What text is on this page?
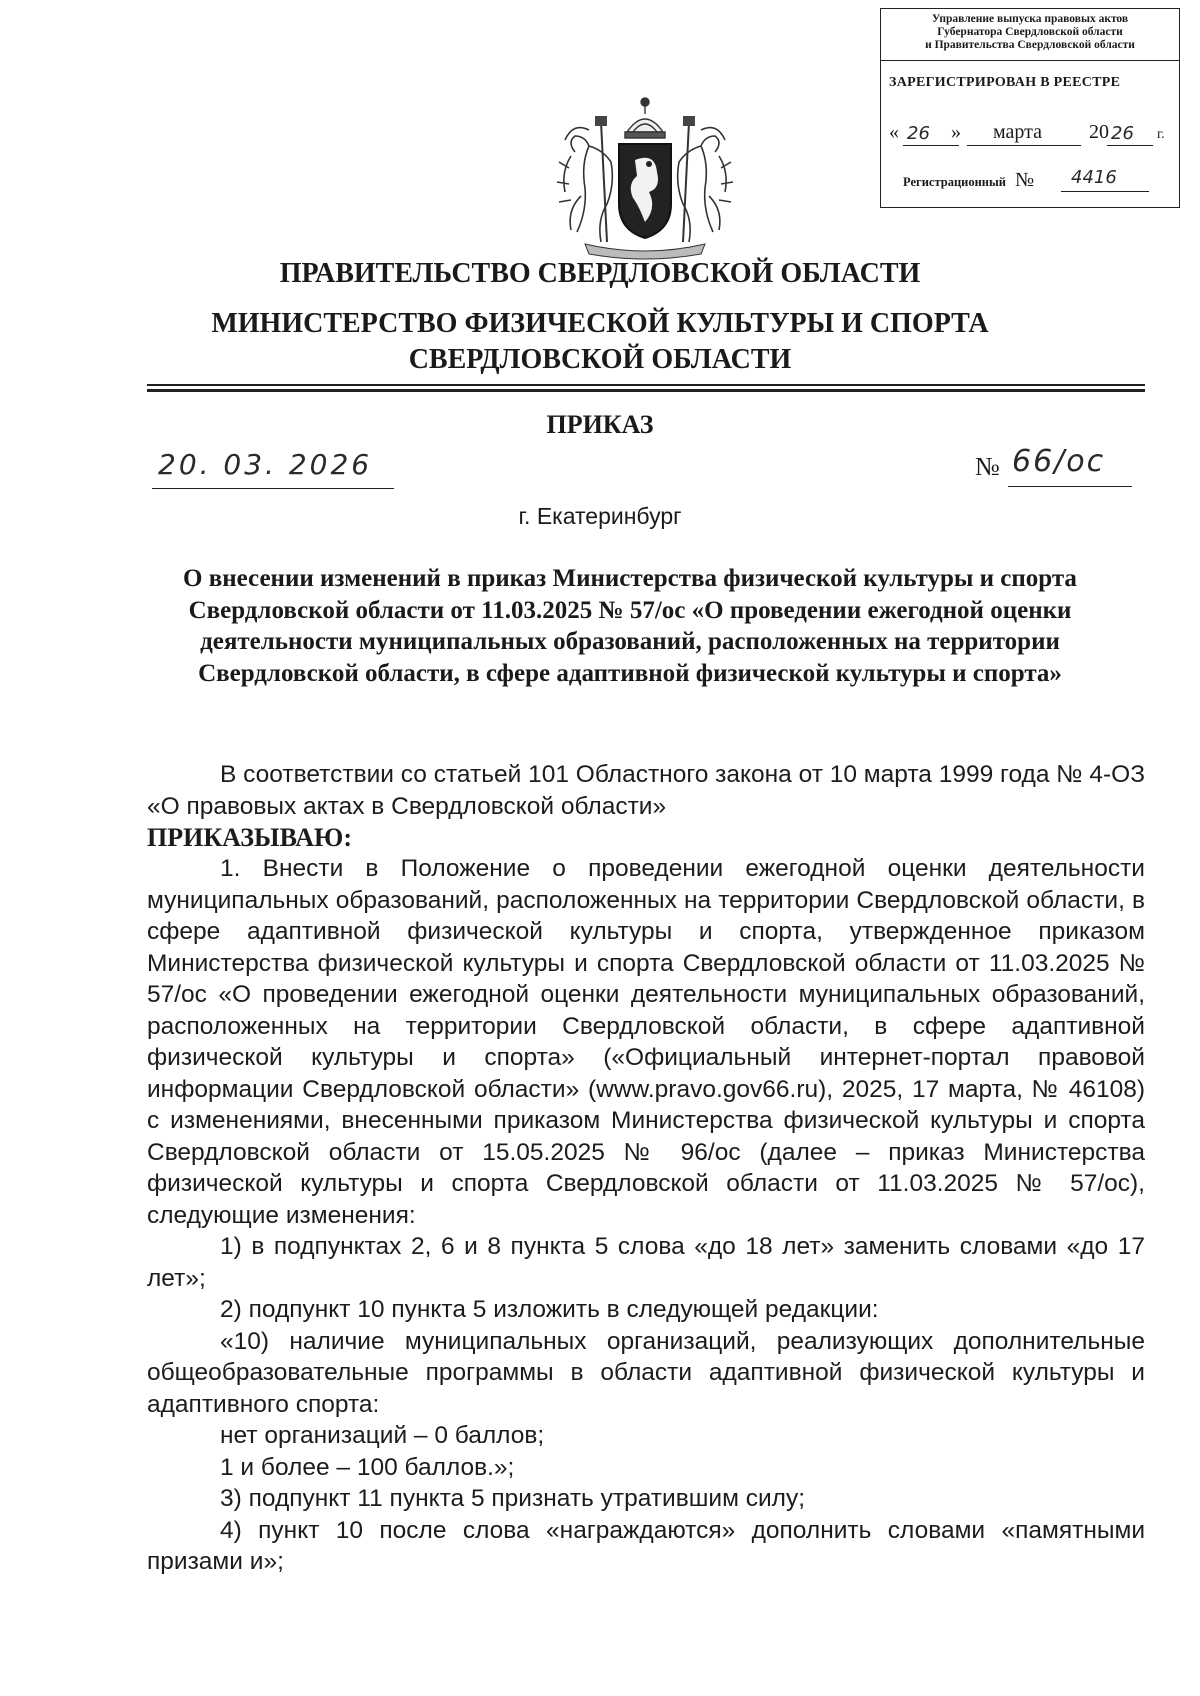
Управление выпуска правовых актов
Губернатора Свердловской области
и Правительства Свердловской области
ЗАРЕГИСТРИРОВАН В РЕЕСТРЕ
« 26 » марта 20 26 г.
Регистрационный № 4416
ПРАВИТЕЛЬСТВО СВЕРДЛОВСКОЙ ОБЛАСТИ
МИНИСТЕРСТВО ФИЗИЧЕСКОЙ КУЛЬТУРЫ И СПОРТА
СВЕРДЛОВСКОЙ ОБЛАСТИ
ПРИКАЗ
20. 03. 2026	№ 66/ос
г. Екатеринбург
О внесении изменений в приказ Министерства физической культуры и спорта Свердловской области от 11.03.2025 № 57/ос «О проведении ежегодной оценки деятельности муниципальных образований, расположенных на территории Свердловской области, в сфере адаптивной физической культуры и спорта»

В соответствии со статьей 101 Областного закона от 10 марта 1999 года № 4-ОЗ «О правовых актах в Свердловской области»

ПРИКАЗЫВАЮ:

1. Внести в Положение о проведении ежегодной оценки деятельности муниципальных образований, расположенных на территории Свердловской области, в сфере адаптивной физической культуры и спорта, утвержденное приказом Министерства физической культуры и спорта Свердловской области от 11.03.2025 № 57/ос «О проведении ежегодной оценки деятельности муниципальных образований, расположенных на территории Свердловской области, в сфере адаптивной физической культуры и спорта» («Официальный интернет-портал правовой информации Свердловской области» (www.pravo.gov66.ru), 2025, 17 марта, № 46108) с изменениями, внесенными приказом Министерства физической культуры и спорта Свердловской области от 15.05.2025 № 96/ос (далее – приказ Министерства физической культуры и спорта Свердловской области от 11.03.2025 № 57/ос), следующие изменения:

1) в подпунктах 2, 6 и 8 пункта 5 слова «до 18 лет» заменить словами «до 17 лет»;

2) подпункт 10 пункта 5 изложить в следующей редакции:

«10) наличие муниципальных организаций, реализующих дополнительные общеобразовательные программы в области адаптивной физической культуры и адаптивного спорта:

нет организаций – 0 баллов;

1 и более – 100 баллов.»;

3) подпункт 11 пункта 5 признать утратившим силу;

4) пункт 10 после слова «награждаются» дополнить словами «памятными призами и»;
